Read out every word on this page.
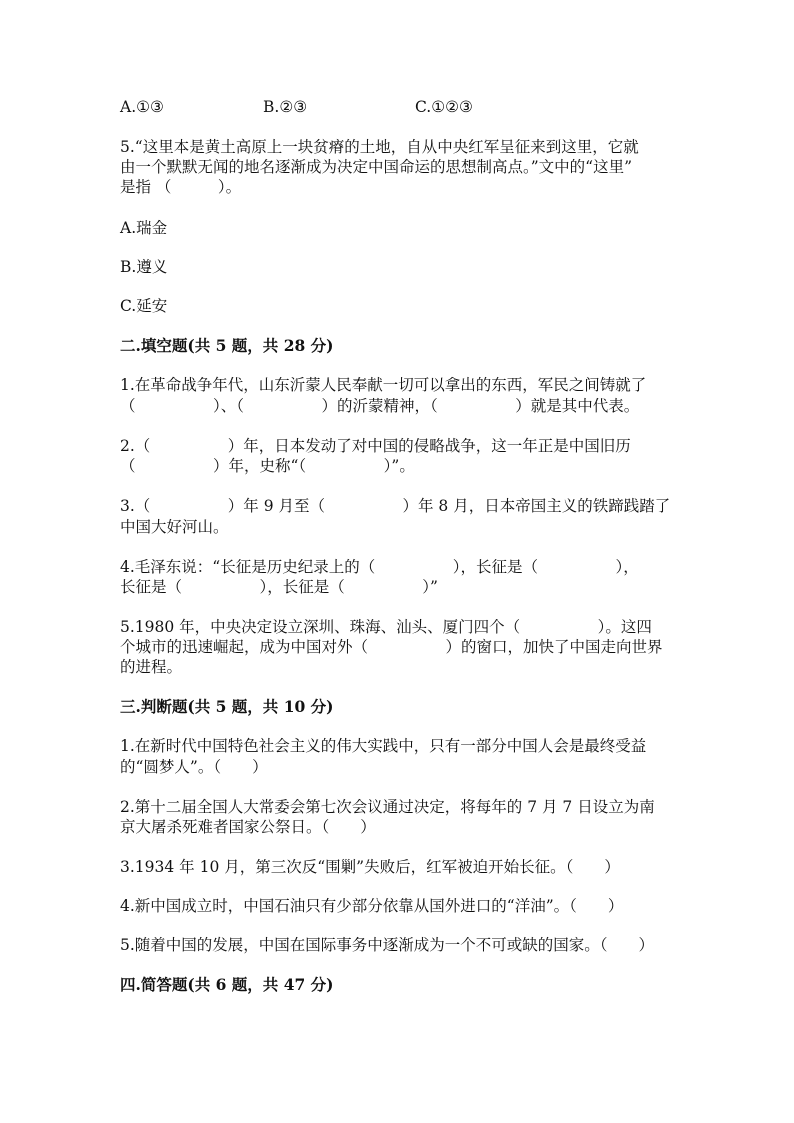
A.①③	B.②③	C.①②③
5.“这里本是黄土高原上一块贫瘠的土地，自从中央红军呈征来到这里，它就
由一个默默无闻的地名逐渐成为决定中国命运的思想制高点。”文中的“这里”
是指 （　　　）。
A.瑞金
B.遵义
C.延安
二.填空题(共 5 题，共 28 分)
1.在革命战争年代，山东沂蒙人民奉献一切可以拿出的东西，军民之间铸就了
（　　　　　）、（　　　　　）的沂蒙精神，（　　　　　）就是其中代表。
2.（　　　　　）年，日本发动了对中国的侵略战争，这一年正是中国旧历
（　　　　　）年，史称“（　　　　　）”。
3.（　　　　　）年 9 月至（　　　　　）年 8 月，日本帝国主义的铁蹄践踏了
中国大好河山。
4.毛泽东说：“长征是历史纪录上的（　　　　　），长征是（　　　　　），
长征是（　　　　　），长征是（　　　　　）”
5.1980 年，中央决定设立深圳、珠海、汕头、厦门四个（　　　　　）。这四
个城市的迅速崛起，成为中国对外（　　　　　）的窗口，加快了中国走向世界
的进程。
三.判断题(共 5 题，共 10 分)
1.在新时代中国特色社会主义的伟大实践中，只有一部分中国人会是最终受益
的“圆梦人”。（　　）
2.第十二届全国人大常委会第七次会议通过决定，将每年的 7 月 7 日设立为南
京大屠杀死难者国家公祭日。（　　）
3.1934 年 10 月，第三次反“围剿”失败后，红军被迫开始长征。（　　）
4.新中国成立时，中国石油只有少部分依靠从国外进口的“洋油”。（　　）
5.随着中国的发展，中国在国际事务中逐渐成为一个不可或缺的国家。（　　）
四.简答题(共 6 题，共 47 分)
